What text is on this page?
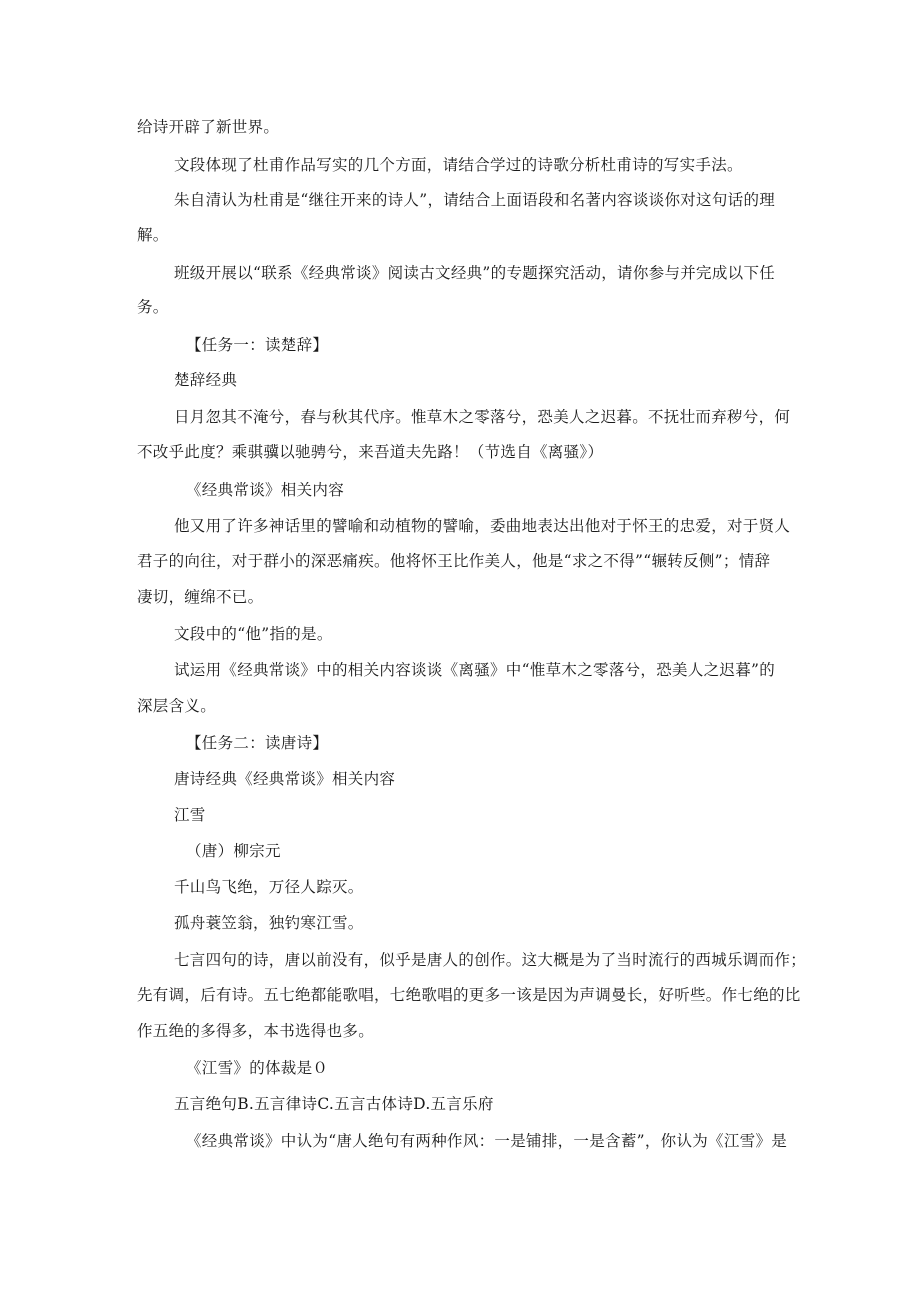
给诗开辟了新世界。
文段体现了杜甫作品写实的几个方面，请结合学过的诗歌分析杜甫诗的写实手法。
朱自清认为杜甫是“继往开来的诗人”，请结合上面语段和名著内容谈谈你对这句话的理
解。
班级开展以“联系《经典常谈》阅读古文经典”的专题探究活动，请你参与并完成以下任
务。
【任务一：读楚辞】
楚辞经典
日月忽其不淹兮，春与秋其代序。惟草木之零落兮，恐美人之迟暮。不抚壮而弃秽兮，何
不改乎此度？乘骐骥以驰骋兮，来吾道夫先路！（节选自《离骚》）
《经典常谈》相关内容
他又用了许多神话里的譬喻和动植物的譬喻，委曲地表达出他对于怀王的忠爱，对于贤人
君子的向往，对于群小的深恶痛疾。他将怀王比作美人，他是“求之不得”“辗转反侧”；情辞
凄切，缠绵不已。
文段中的“他”指的是。
试运用《经典常谈》中的相关内容谈谈《离骚》中“惟草木之零落兮，恐美人之迟暮”的
深层含义。
【任务二：读唐诗】
唐诗经典《经典常谈》相关内容
江雪
（唐）柳宗元
千山鸟飞绝，万径人踪灭。
孤舟蓑笠翁，独钓寒江雪。
七言四句的诗，唐以前没有，似乎是唐人的创作。这大概是为了当时流行的西城乐调而作；
先有调，后有诗。五七绝都能歌唱，七绝歌唱的更多一该是因为声调曼长，好听些。作七绝的比
作五绝的多得多，本书选得也多。
《江雪》的体裁是０
五言绝句B.五言律诗C.五言古体诗D.五言乐府
《经典常谈》中认为“唐人绝句有两种作风：一是铺排，一是含蓄”，你认为《江雪》是
